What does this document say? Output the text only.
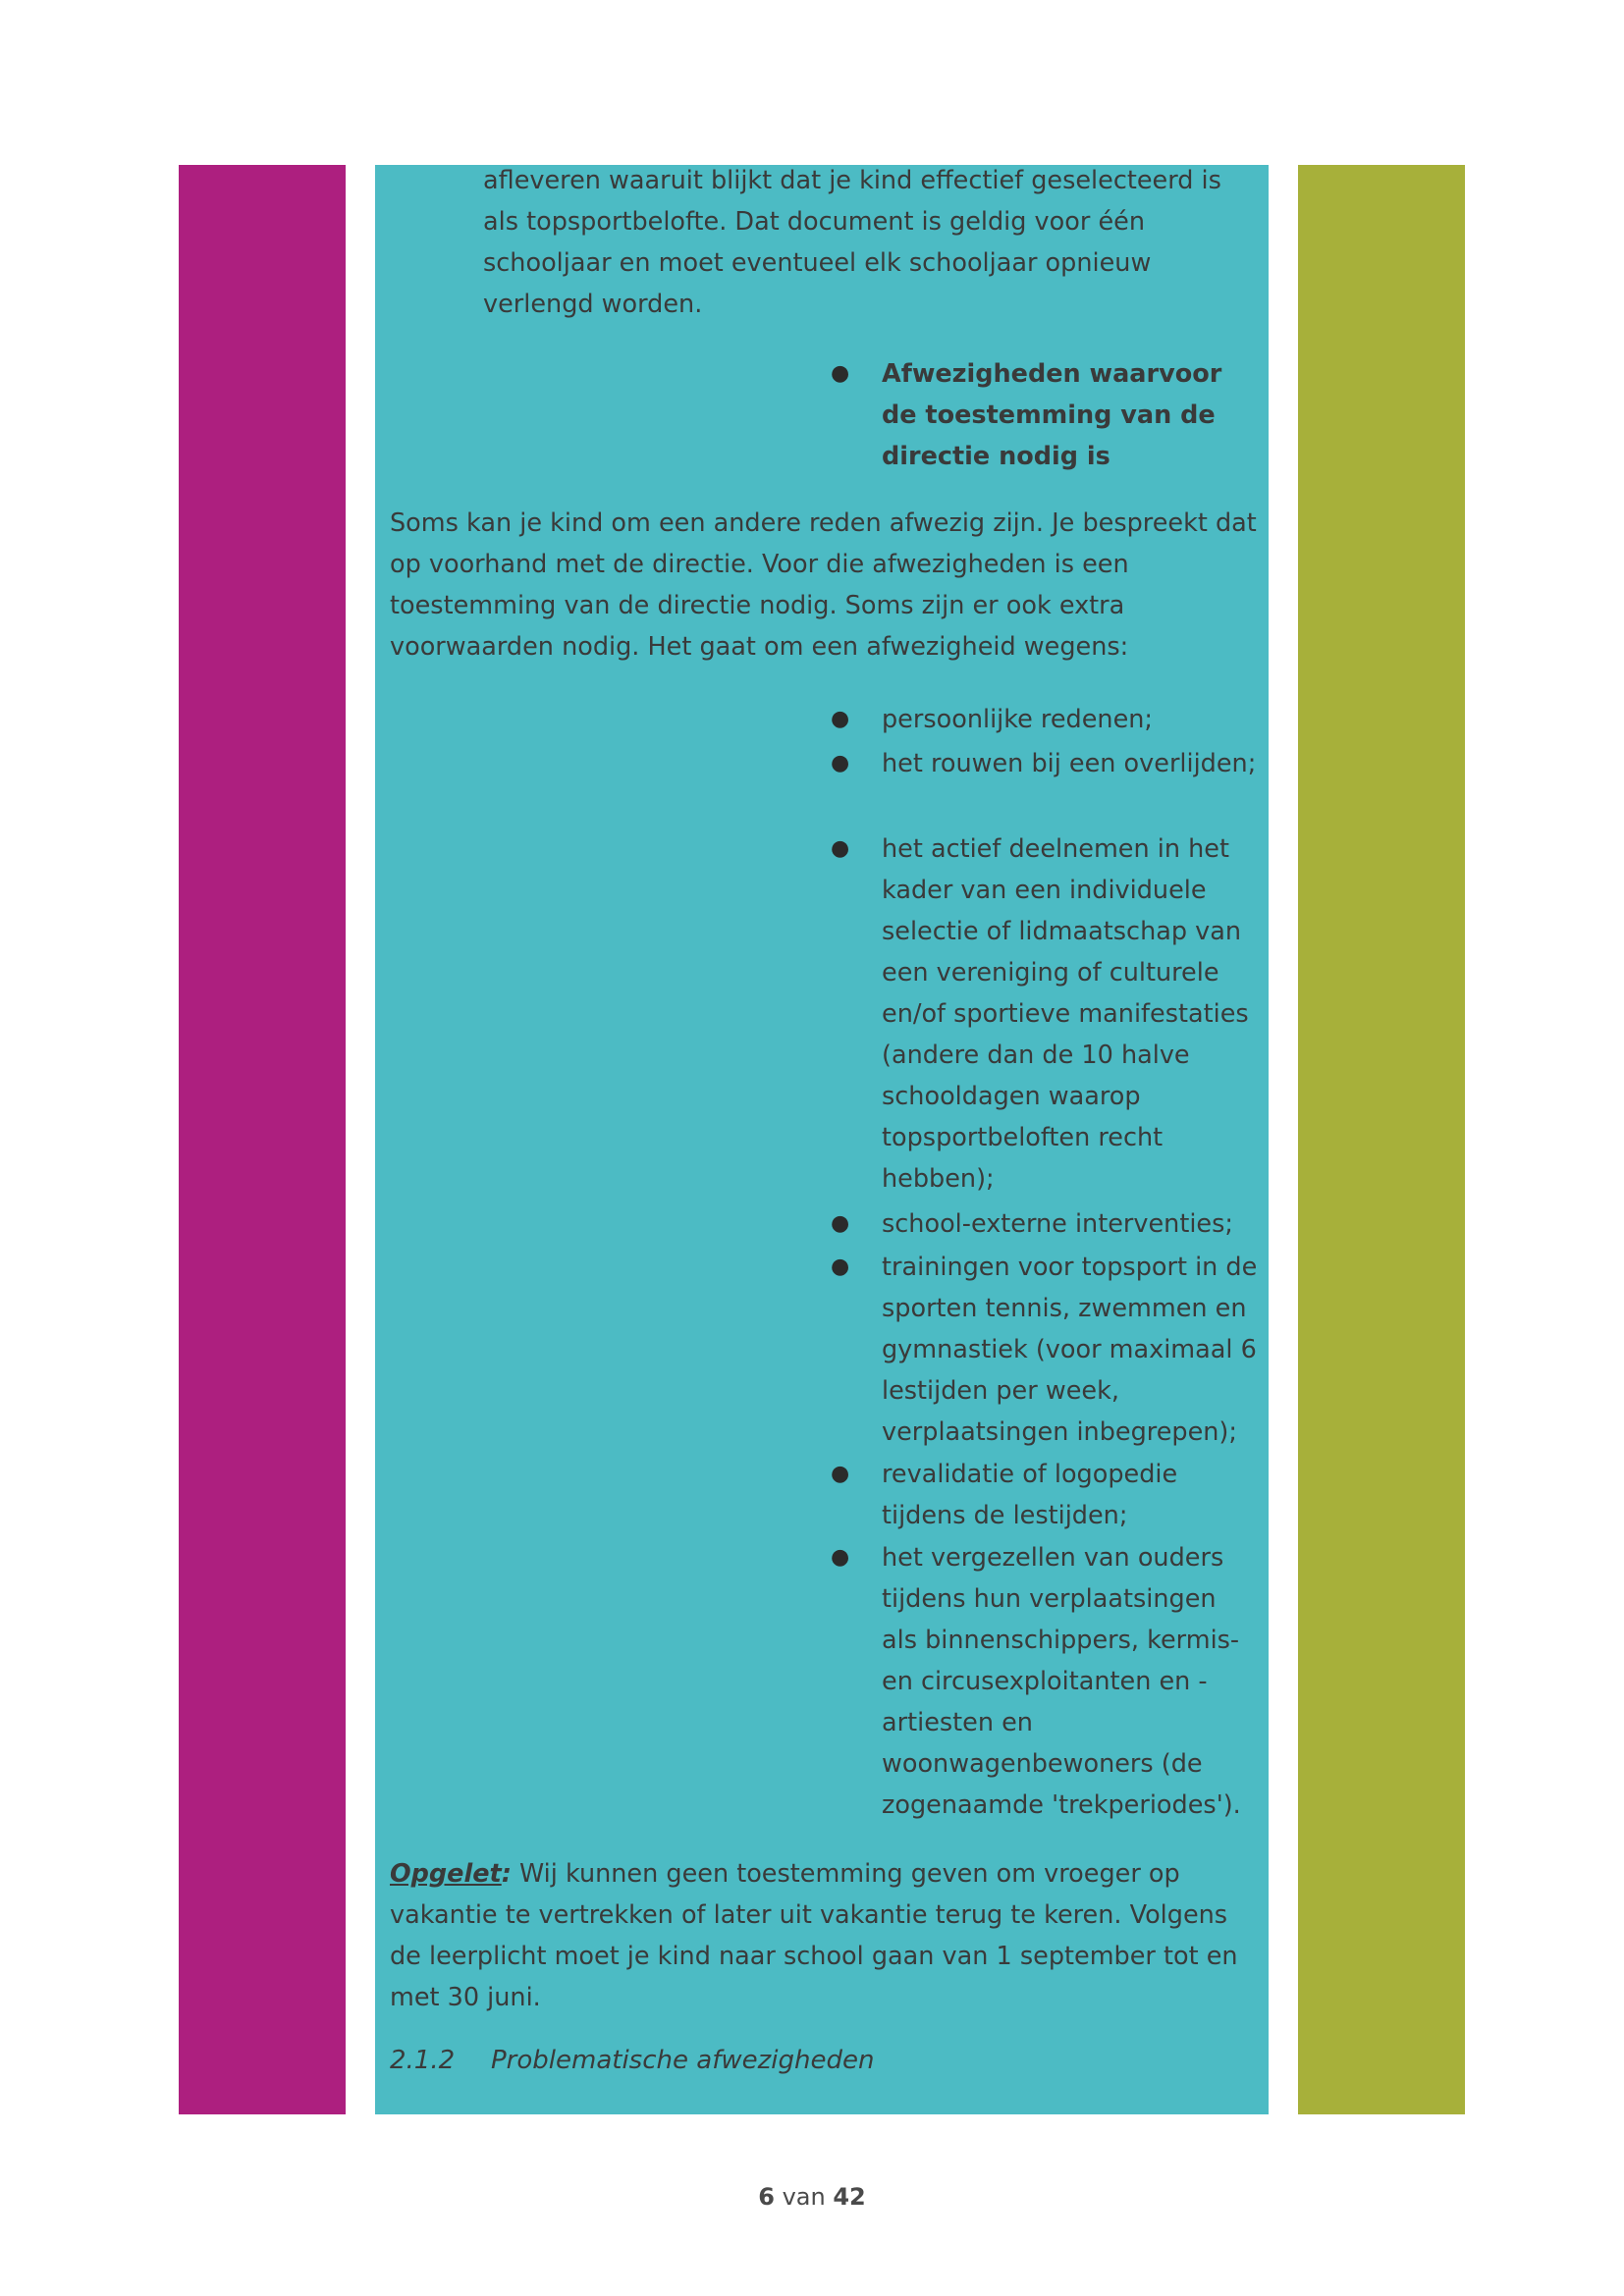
afleveren waaruit blijkt dat je kind effectief geselecteerd is als topsportbelofte. Dat document is geldig voor één schooljaar en moet eventueel elk schooljaar opnieuw verlengd worden.

● Afwezigheden waarvoor de toestemming van de directie nodig is

Soms kan je kind om een andere reden afwezig zijn. Je bespreekt dat op voorhand met de directie. Voor die afwezigheden is een toestemming van de directie nodig. Soms zijn er ook extra voorwaarden nodig. Het gaat om een afwezigheid wegens:

● persoonlijke redenen;
● het rouwen bij een overlijden;
● het actief deelnemen in het kader van een individuele selectie of lidmaatschap van een vereniging of culturele en/of sportieve manifestaties (andere dan de 10 halve schooldagen waarop topsportbeloften recht hebben);
● school-externe interventies;
● trainingen voor topsport in de sporten tennis, zwemmen en gymnastiek (voor maximaal 6 lestijden per week, verplaatsingen inbegrepen);
● revalidatie of logopedie tijdens de lestijden;
● het vergezellen van ouders tijdens hun verplaatsingen als binnenschippers, kermis- en circusexploitanten en -artiesten en woonwagenbewoners (de zogenaamde 'trekperiodes').

Opgelet: Wij kunnen geen toestemming geven om vroeger op vakantie te vertrekken of later uit vakantie terug te keren. Volgens de leerplicht moet je kind naar school gaan van 1 september tot en met 30 juni.

2.1.2 Problematische afwezigheden
6 van 42
